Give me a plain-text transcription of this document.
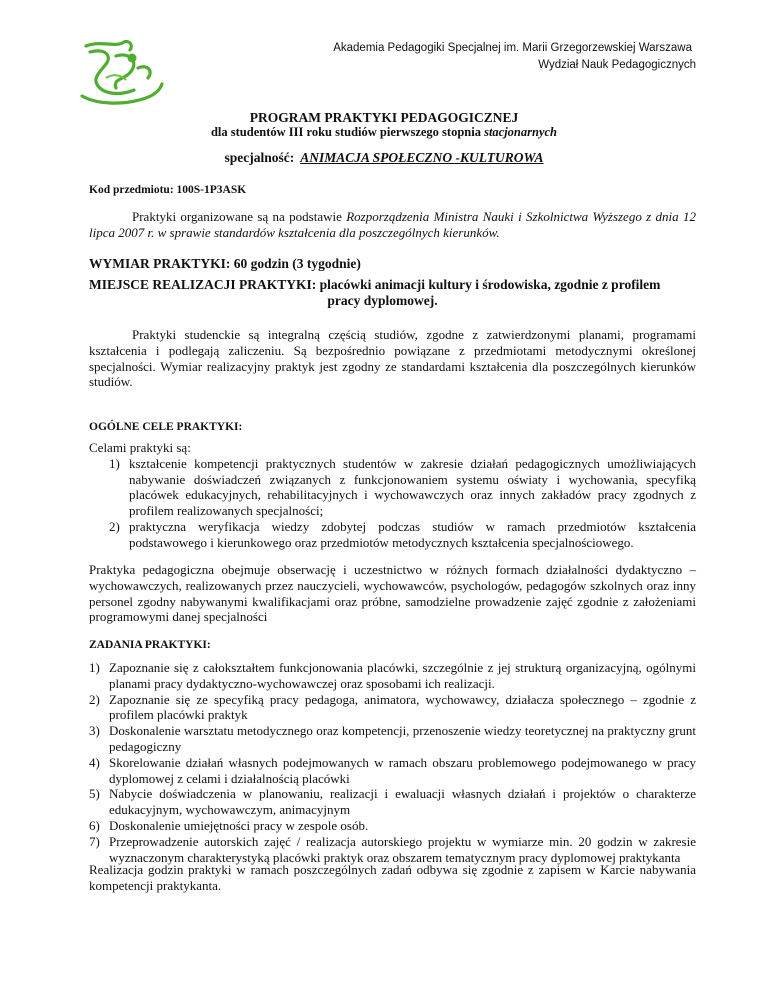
Akademia Pedagogiki Specjalnej im. Marii Grzegorzewskiej Warszawa
Wydział Nauk Pedagogicznych
PROGRAM PRAKTYKI PEDAGOGICZNEJ
dla studentów III roku studiów pierwszego stopnia stacjonarnych
specjalność: ANIMACJA SPOŁECZNO -KULTUROWA
Kod przedmiotu: 100S-1P3ASK
Praktyki organizowane są na podstawie Rozporządzenia Ministra Nauki i Szkolnictwa Wyższego z dnia 12 lipca 2007 r. w sprawie standardów kształcenia dla poszczególnych kierunków.
WYMIAR PRAKTYKI: 60 godzin (3 tygodnie)
MIEJSCE REALIZACJI PRAKTYKI: placówki animacji kultury i środowiska, zgodnie z profilem
pracy dyplomowej.
Praktyki studenckie są integralną częścią studiów, zgodne z zatwierdzonymi planami, programami kształcenia i podlegają zaliczeniu. Są bezpośrednio powiązane z przedmiotami metodycznymi określonej specjalności. Wymiar realizacyjny praktyk jest zgodny ze standardami kształcenia dla poszczególnych kierunków studiów.
OGÓLNE CELE PRAKTYKI:
Celami praktyki są:
1) kształcenie kompetencji praktycznych studentów w zakresie działań pedagogicznych umożliwiających nabywanie doświadczeń związanych z funkcjonowaniem systemu oświaty i wychowania, specyfiką placówek edukacyjnych, rehabilitacyjnych i wychowawczych oraz innych zakładów pracy zgodnych z profilem realizowanych specjalności;
2) praktyczna weryfikacja wiedzy zdobytej podczas studiów w ramach przedmiotów kształcenia podstawowego i kierunkowego oraz przedmiotów metodycznych kształcenia specjalnościowego.
Praktyka pedagogiczna obejmuje obserwację i uczestnictwo w różnych formach działalności dydaktyczno – wychowawczych, realizowanych przez nauczycieli, wychowawców, psychologów, pedagogów szkolnych oraz inny personel zgodny nabywanymi kwalifikacjami oraz próbne, samodzielne prowadzenie zajęć zgodnie z założeniami programowymi danej specjalności
ZADANIA PRAKTYKI:
1) Zapoznanie się z całokształtem funkcjonowania placówki, szczególnie z jej strukturą organizacyjną, ogólnymi planami pracy dydaktyczno-wychowawczej oraz sposobami ich realizacji.
2) Zapoznanie się ze specyfiką pracy pedagoga, animatora, wychowawcy, działacza społecznego – zgodnie z profilem placówki praktyk
3) Doskonalenie warsztatu metodycznego oraz kompetencji, przenoszenie wiedzy teoretycznej na praktyczny grunt pedagogiczny
4) Skorelowanie działań własnych podejmowanych w ramach obszaru problemowego podejmowanego w pracy dyplomowej z celami i działalnością placówki
5) Nabycie doświadczenia w planowaniu, realizacji i ewaluacji własnych działań i projektów o charakterze edukacyjnym, wychowawczym, animacyjnym
6) Doskonalenie umiejętności pracy w zespole osób.
7) Przeprowadzenie autorskich zajęć / realizacja autorskiego projektu w wymiarze min. 20 godzin w zakresie wyznaczonym charakterystyką placówki praktyk oraz obszarem tematycznym pracy dyplomowej praktykanta
Realizacja godzin praktyki w ramach poszczególnych zadań odbywa się zgodnie z zapisem w Karcie nabywania kompetencji praktykanta.
